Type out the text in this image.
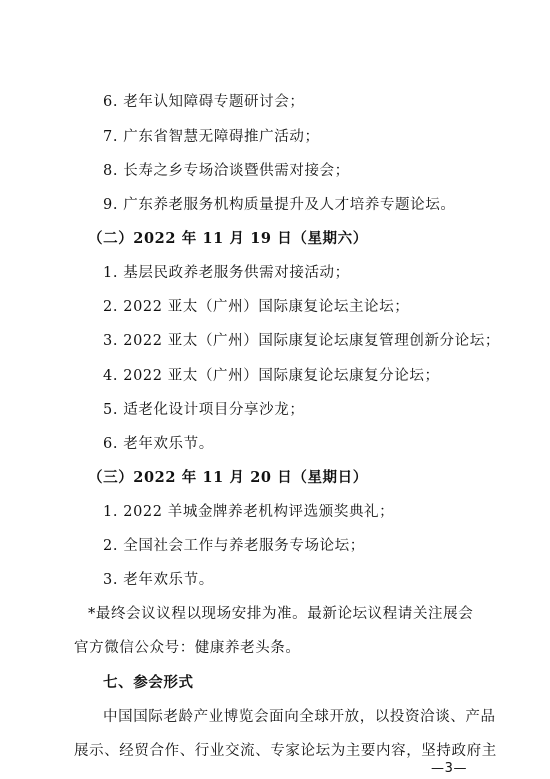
6. 老年认知障碍专题研讨会；
7. 广东省智慧无障碍推广活动；
8. 长寿之乡专场洽谈暨供需对接会；
9. 广东养老服务机构质量提升及人才培养专题论坛。
（二）2022 年 11 月 19 日（星期六）
1. 基层民政养老服务供需对接活动；
2. 2022 亚太（广州）国际康复论坛主论坛；
3. 2022 亚太（广州）国际康复论坛康复管理创新分论坛；
4. 2022 亚太（广州）国际康复论坛康复分论坛；
5. 适老化设计项目分享沙龙；
6. 老年欢乐节。
（三）2022 年 11 月 20 日（星期日）
1. 2022 羊城金牌养老机构评选颁奖典礼；
2. 全国社会工作与养老服务专场论坛；
3. 老年欢乐节。
*最终会议议程以现场安排为准。最新论坛议程请关注展会
官方微信公众号：健康养老头条。
七、参会形式
中国国际老龄产业博览会面向全球开放，以投资洽谈、产品
展示、经贸合作、行业交流、专家论坛为主要内容，坚持政府主
—3—
